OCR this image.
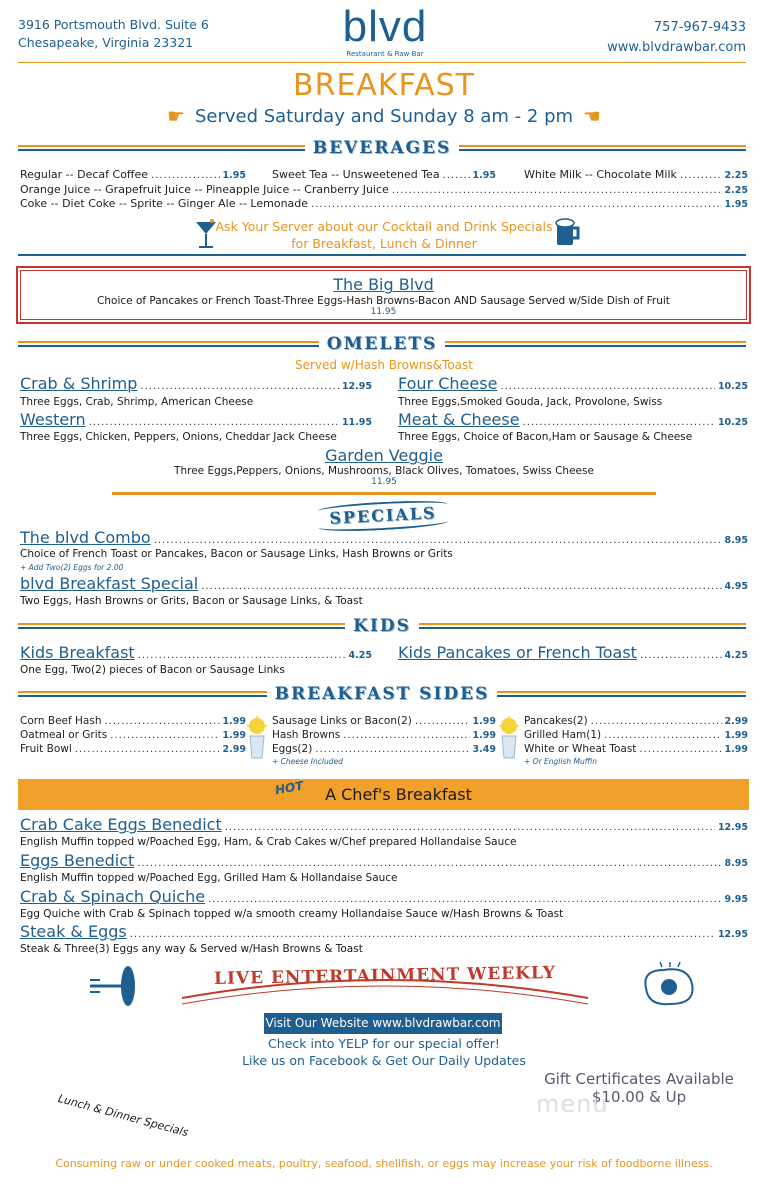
3916 Portsmouth Blvd. Suite 6
Chesapeake, Virginia 23321	blvd
Restaurant & Raw Bar
757-967-9433
www.blvdrawbar.com
BREAKFAST
☛ Served Saturday and Sunday 8 am - 2 pm ☚
BEVERAGES
Regular -- Decaf Coffee .....	1.95 Sweet Tea -- Unsweetened Tea .....	1.95	White Milk -- Chocolate Milk .....	2.25
Orange Juice -- Grapefruit Juice -- Pineapple Juice -- Cranberry Juice .....	2.25
Coke -- Diet Coke -- Sprite -- Ginger Ale -- Lemonade .....	1.95
Ask Your Server about our Cocktail and Drink Specials
for Breakfast, Lunch & Dinner
The Big Blvd
Choice of Pancakes or French Toast-Three Eggs-Hash Browns-Bacon AND Sausage Served w/Side Dish of Fruit
11.95
OMELETS
Served w/Hash Browns&Toast
Crab & Shrimp .....	12.95
Three Eggs, Crab, Shrimp, American Cheese
Four Cheese .....	10.25
Three Eggs,Smoked Gouda, Jack, Provolone, Swiss
Western .....	11.95
Three Eggs, Chicken, Peppers, Onions, Cheddar Jack Cheese
Meat & Cheese .....	10.25
Three Eggs, Choice of Bacon,Ham or Sausage & Cheese
Garden Veggie
Three Eggs,Peppers, Onions, Mushrooms, Black Olives, Tomatoes, Swiss Cheese
11.95
SPECIALS
The blvd Combo .....	8.95
Choice of French Toast or Pancakes, Bacon or Sausage Links, Hash Browns or Grits
+ Add Two(2) Eggs for 2.00
blvd Breakfast Special .....	4.95
Two Eggs, Hash Browns or Grits, Bacon or Sausage Links, & Toast
KIDS
Kids Breakfast .....	4.25
One Egg, Two(2) pieces of Bacon or Sausage Links
Kids Pancakes or French Toast .....	4.25
BREAKFAST SIDES
Corn Beef Hash .....	1.99
Oatmeal or Grits .....	1.99
Fruit Bowl .....	2.99
Sausage Links or Bacon(2) .....	1.99
Hash Browns .....	1.99
Eggs(2) .....	3.49
+ Cheese Included
Pancakes(2) .....	2.99
Grilled Ham(1) .....	1.99
White or Wheat Toast .....	1.99
+ Or English Muffin
HOT A Chef's Breakfast
Crab Cake Eggs Benedict .....	12.95
English Muffin topped w/Poached Egg, Ham, & Crab Cakes w/Chef prepared Hollandaise Sauce
Eggs Benedict .....	8.95
English Muffin topped w/Poached Egg, Grilled Ham & Hollandaise Sauce
Crab & Spinach Quiche .....	9.95
Egg Quiche with Crab & Spinach topped w/a smooth creamy Hollandaise Sauce w/Hash Browns & Toast
Steak & Eggs .....	12.95
Steak & Three(3) Eggs any way & Served w/Hash Browns & Toast
LIVE ENTERTAINMENT WEEKLY
Visit Our Website www.blvdrawbar.com
Check into YELP for our special offer!
Like us on Facebook & Get Our Daily Updates
Lunch & Dinner Specials
Gift Certificates Available
$10.00 & Up
menu
Consuming raw or under cooked meats, poultry, seafood, shellfish, or eggs may increase your risk of foodborne illness.
